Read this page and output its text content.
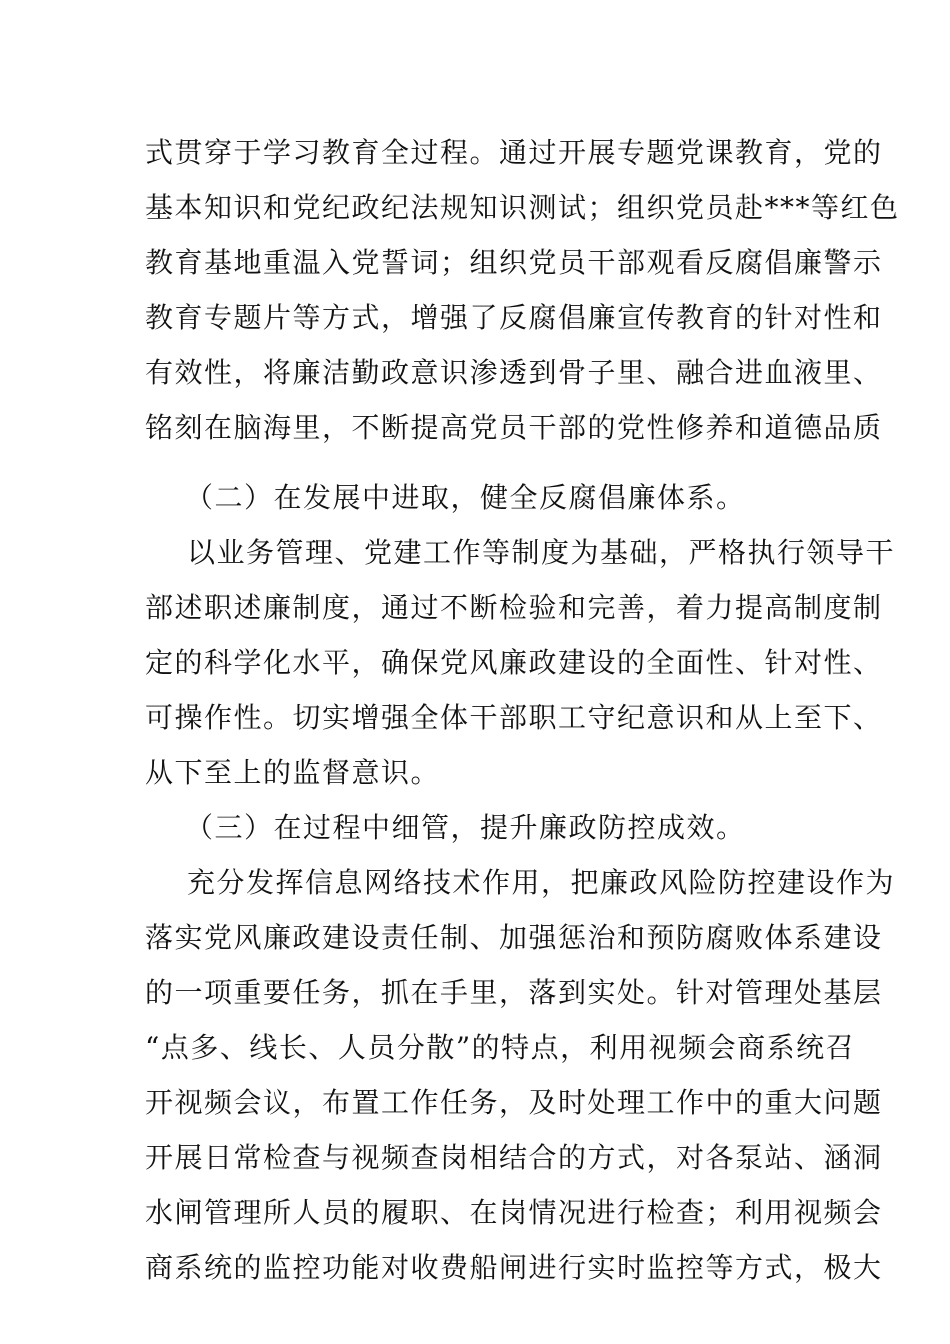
式贯穿于学习教育全过程。通过开展专题党课教育，党的
基本知识和党纪政纪法规知识测试；组织党员赴***等红色
教育基地重温入党誓词；组织党员干部观看反腐倡廉警示
教育专题片等方式，增强了反腐倡廉宣传教育的针对性和
有效性，将廉洁勤政意识渗透到骨子里、融合进血液里、
铭刻在脑海里，不断提高党员干部的党性修养和道德品质
（二）在发展中进取，健全反腐倡廉体系。
以业务管理、党建工作等制度为基础，严格执行领导干
部述职述廉制度，通过不断检验和完善，着力提高制度制
定的科学化水平，确保党风廉政建设的全面性、针对性、
可操作性。切实增强全体干部职工守纪意识和从上至下、
从下至上的监督意识。
（三）在过程中细管，提升廉政防控成效。
充分发挥信息网络技术作用，把廉政风险防控建设作为
落实党风廉政建设责任制、加强惩治和预防腐败体系建设
的一项重要任务，抓在手里，落到实处。针对管理处基层
“点多、线长、人员分散”的特点，利用视频会商系统召
开视频会议，布置工作任务，及时处理工作中的重大问题
开展日常检查与视频查岗相结合的方式，对各泵站、涵洞
水闸管理所人员的履职、在岗情况进行检查；利用视频会
商系统的监控功能对收费船闸进行实时监控等方式，极大
